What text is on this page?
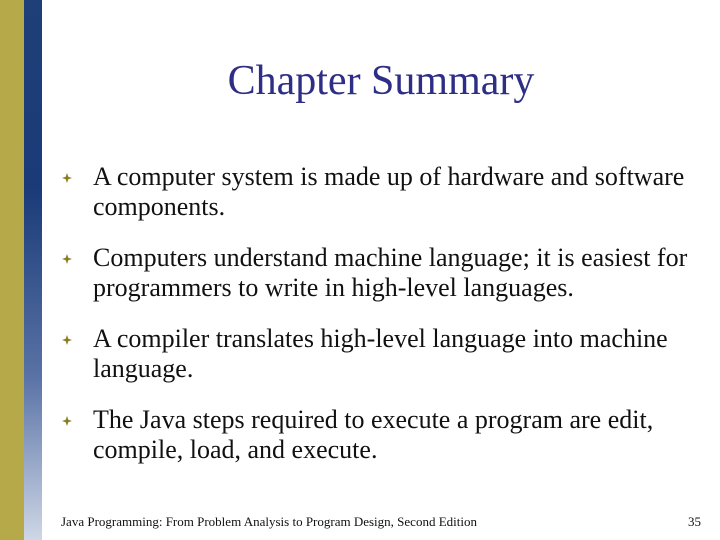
Chapter Summary
A computer system is made up of hardware and software components.
Computers understand machine language; it is easiest for programmers to write in high-level languages.
A compiler translates high-level language into machine language.
The Java steps required to execute a program are edit, compile, load, and execute.
Java Programming: From Problem Analysis to Program Design, Second Edition	35
